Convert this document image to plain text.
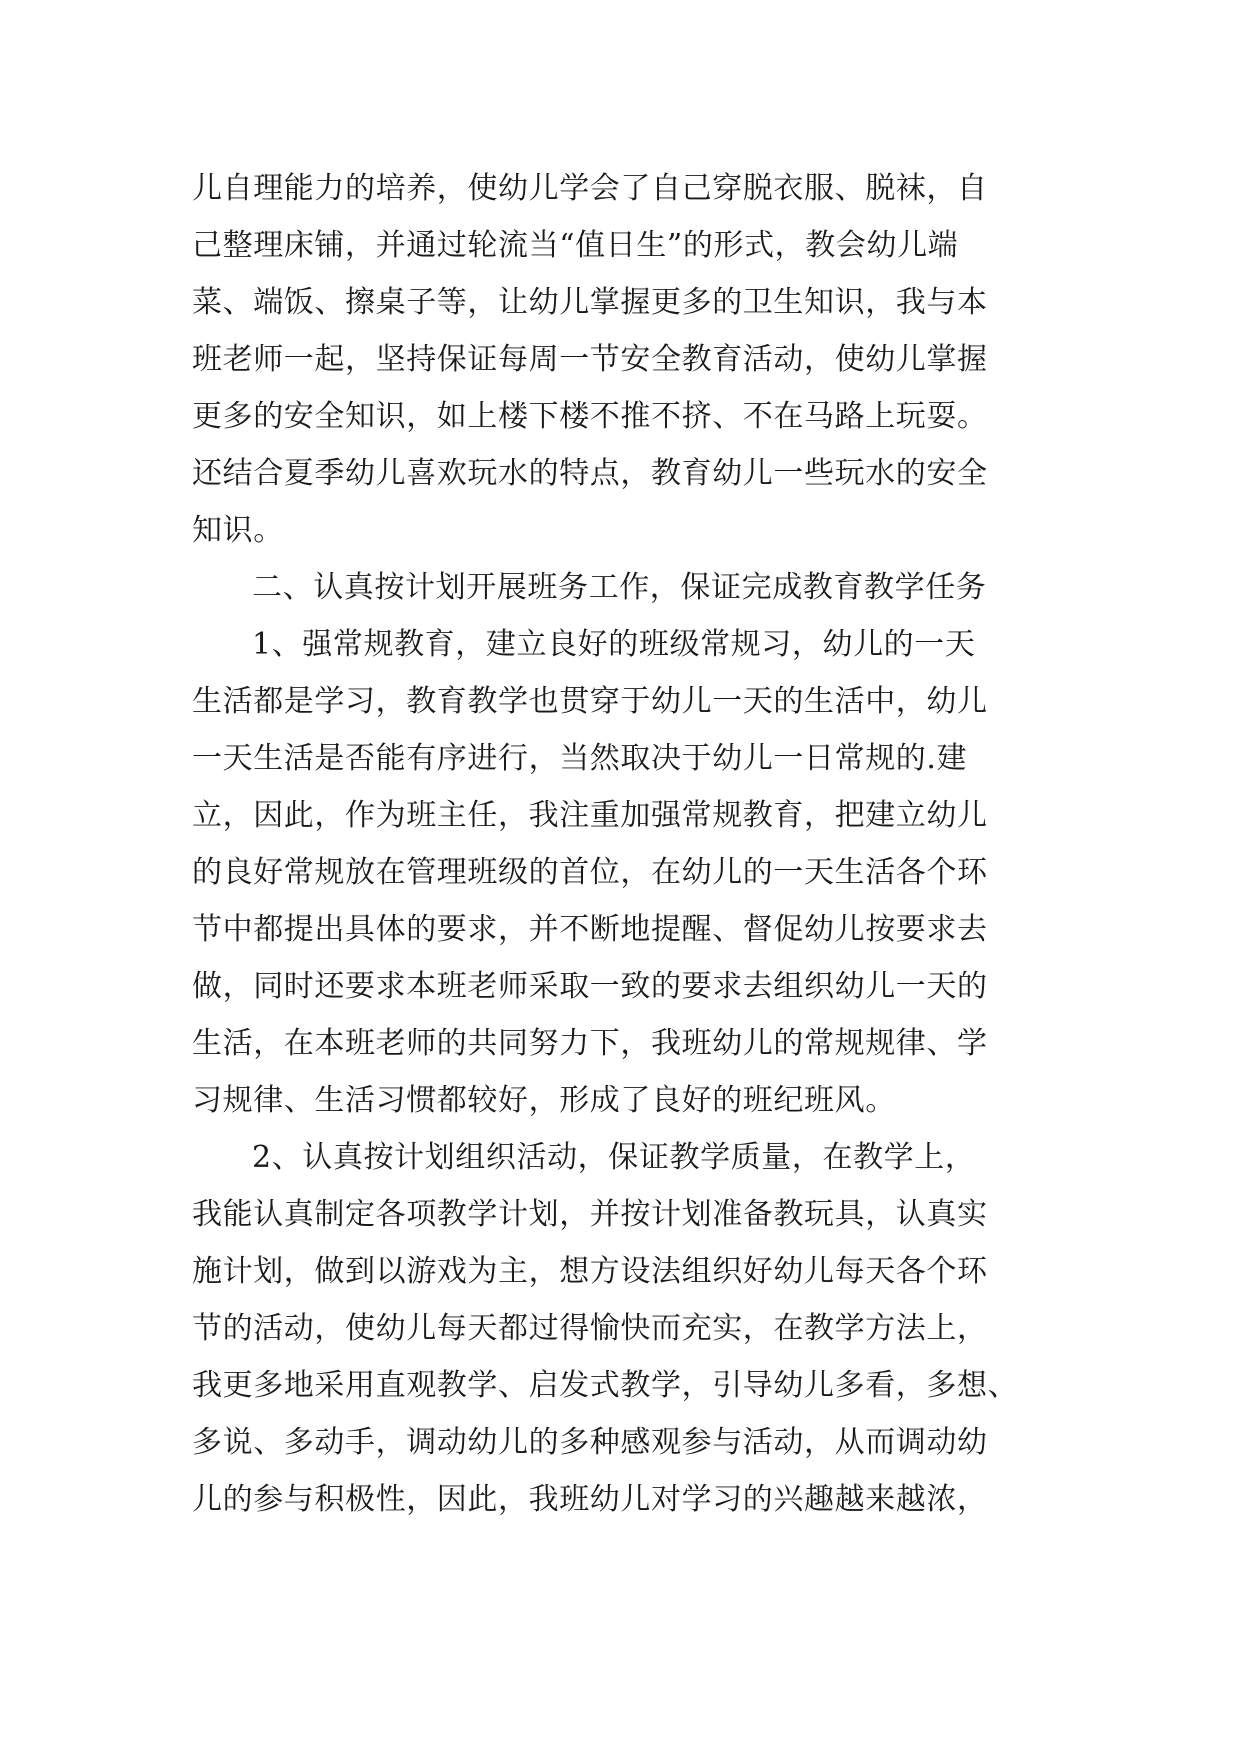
儿自理能力的培养，使幼儿学会了自己穿脱衣服、脱袜，自
己整理床铺，并通过轮流当“值日生”的形式，教会幼儿端
菜、端饭、擦桌子等，让幼儿掌握更多的卫生知识，我与本
班老师一起，坚持保证每周一节安全教育活动，使幼儿掌握
更多的安全知识，如上楼下楼不推不挤、不在马路上玩耍。
还结合夏季幼儿喜欢玩水的特点，教育幼儿一些玩水的安全
知识。
二、认真按计划开展班务工作，保证完成教育教学任务
1、强常规教育，建立良好的班级常规习，幼儿的一天
生活都是学习，教育教学也贯穿于幼儿一天的生活中，幼儿
一天生活是否能有序进行，当然取决于幼儿一日常规的.建
立，因此，作为班主任，我注重加强常规教育，把建立幼儿
的良好常规放在管理班级的首位，在幼儿的一天生活各个环
节中都提出具体的要求，并不断地提醒、督促幼儿按要求去
做，同时还要求本班老师采取一致的要求去组织幼儿一天的
生活，在本班老师的共同努力下，我班幼儿的常规规律、学
习规律、生活习惯都较好，形成了良好的班纪班风。
2、认真按计划组织活动，保证教学质量，在教学上，
我能认真制定各项教学计划，并按计划准备教玩具，认真实
施计划，做到以游戏为主，想方设法组织好幼儿每天各个环
节的活动，使幼儿每天都过得愉快而充实，在教学方法上，
我更多地采用直观教学、启发式教学，引导幼儿多看，多想、
多说、多动手，调动幼儿的多种感观参与活动，从而调动幼
儿的参与积极性，因此，我班幼儿对学习的兴趣越来越浓，
